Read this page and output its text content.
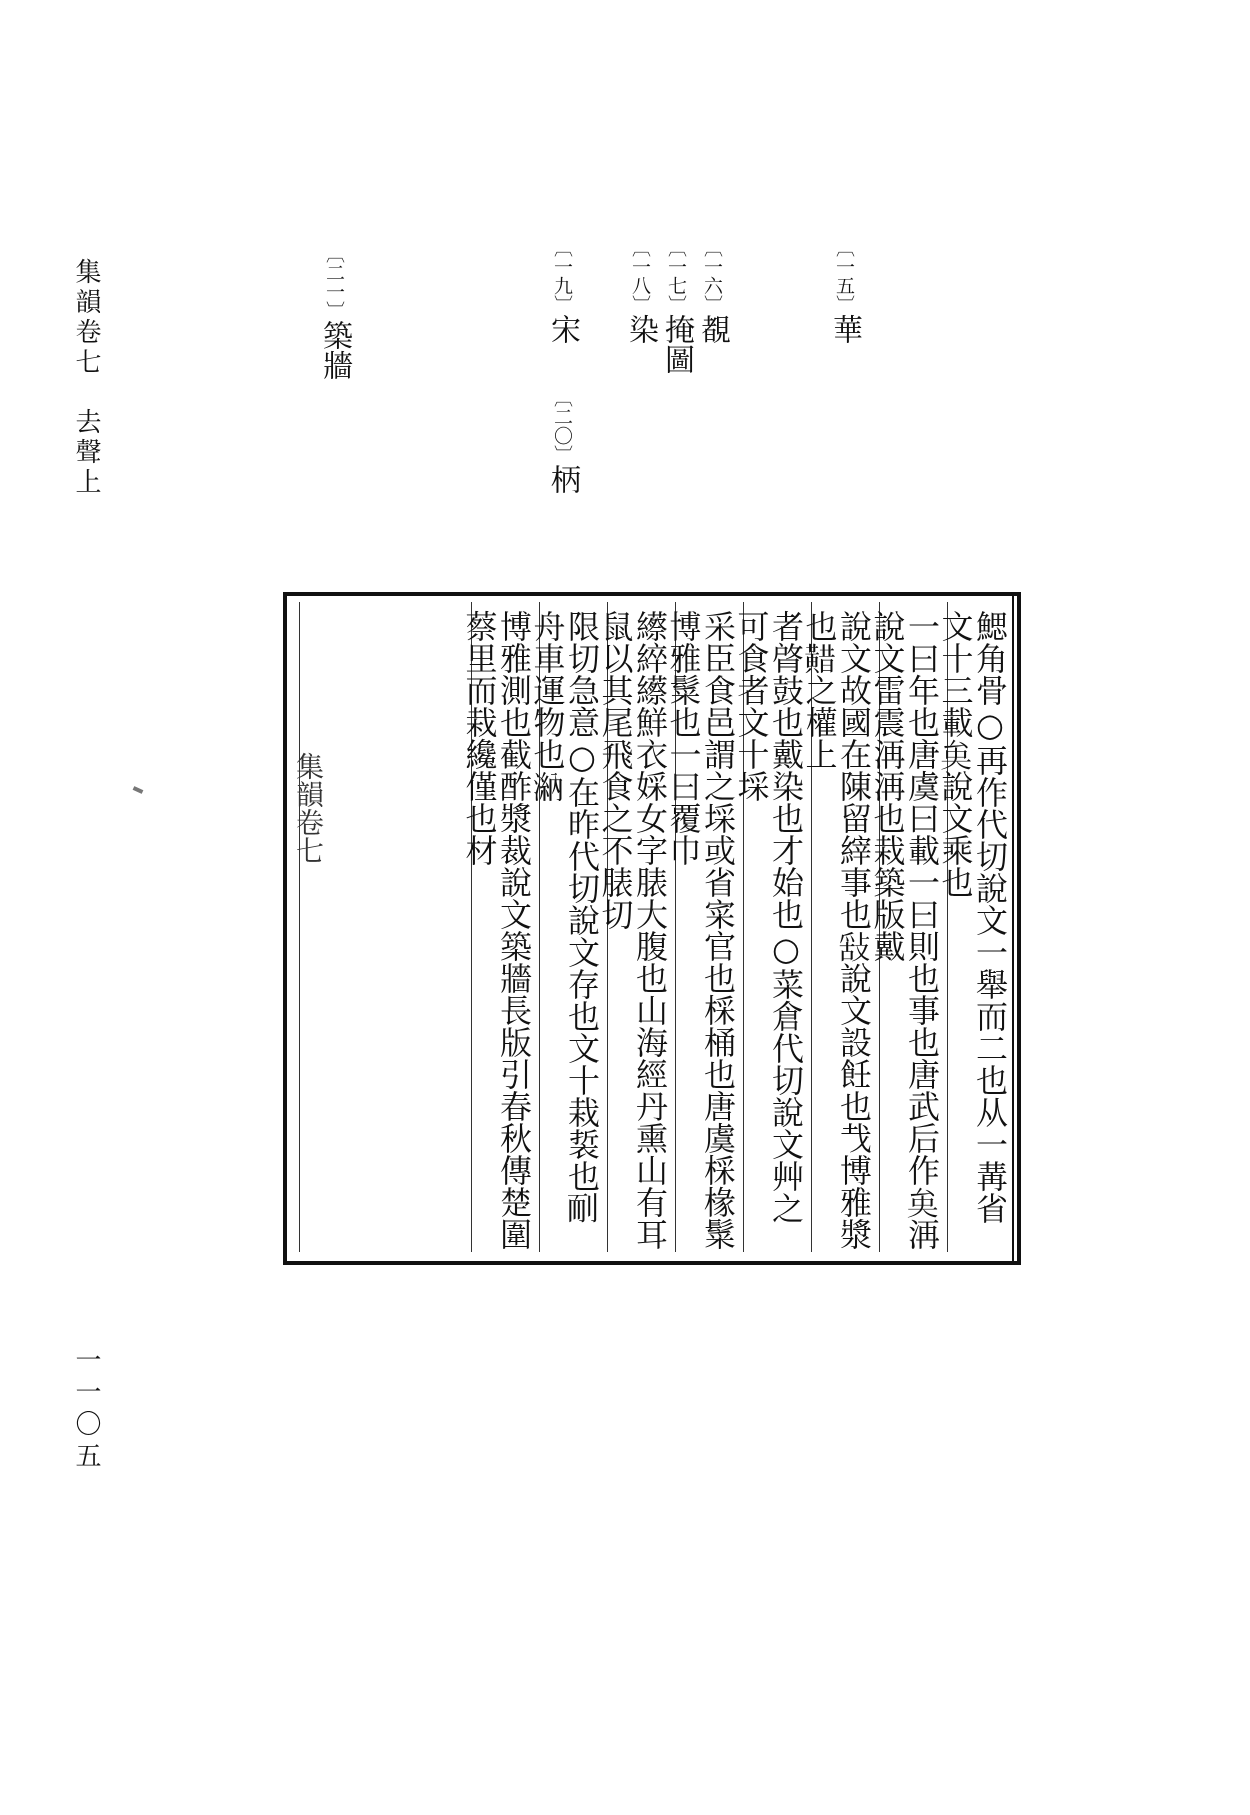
集韻卷七　去聲上
一一〇五
〔一五〕華
〔一六〕覩
〔一七〕掩圖
〔一八〕染
〔一九〕宋
〔二〇〕柄
〔二一〕築牆
鰓角骨○再作代切說文一舉而二也从一冓省文十三載𠫪說文乘也
一曰年也唐虞曰載一曰則也事也唐武后作𠫪洅說文雷震洅洅也栽築版戴
說文故國在陳留縡事也𢽿說文設飪也𢦏博雅漿也𪏈之權上
者䏿鼓也戴染也才始也○菜倉代切說文艸之可食者文十埰
采臣食邑謂之埰或省寀官也棌桶也唐虞棌椽䰂博雅䰂也一曰覆巾
䌨綷䌨鮮衣婇女字脿大腹也山海經丹熏山有耳鼠以其尾飛食之不脿切
限切急意○在昨代切說文存也文十栽裚也𦓎舟車運物也𣻀
博雅測也截酢漿裁說文築牆長版引春秋傳楚圍蔡里而栽纔僅也材
集韻卷七
